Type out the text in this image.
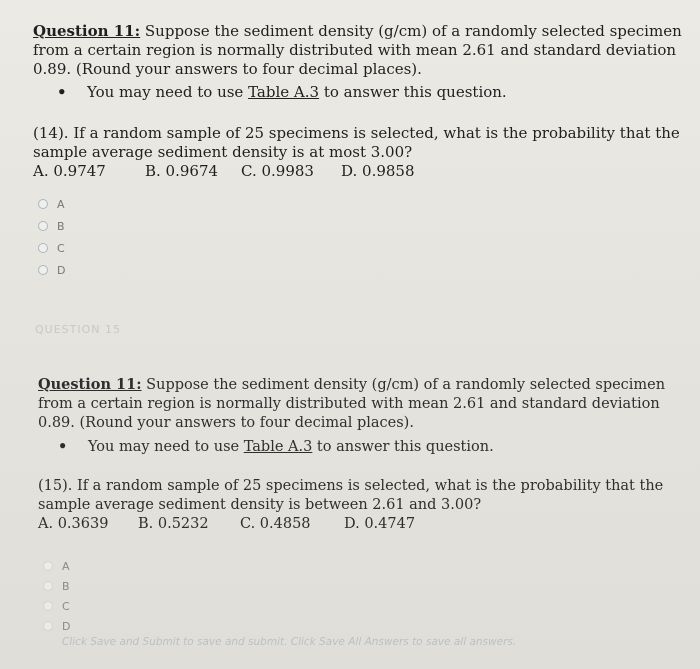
Question 11: Suppose the sediment density (g/cm) of a randomly selected specimen from a certain region is normally distributed with mean 2.61 and standard deviation 0.89. (Round your answers to four decimal places).

• You may need to use Table A.3 to answer this question.

(14). If a random sample of 25 specimens is selected, what is the probability that the sample average sediment density is at most 3.00?

A. 0.9747	B. 0.9674 C. 0.9983 D. 0.9858
A
B
C
D
QUESTION 15

Question 11: Suppose the sediment density (g/cm) of a randomly selected specimen from a certain region is normally distributed with mean 2.61 and standard deviation 0.89. (Round your answers to four decimal places).

• You may need to use Table A.3 to answer this question.

(15). If a random sample of 25 specimens is selected, what is the probability that the sample average sediment density is between 2.61 and 3.00?

A. 0.3639 B. 0.5232 C. 0.4858 D. 0.4747
A
B
C
D
Click Save and Submit to save and submit. Click Save All Answers to save all answers.
